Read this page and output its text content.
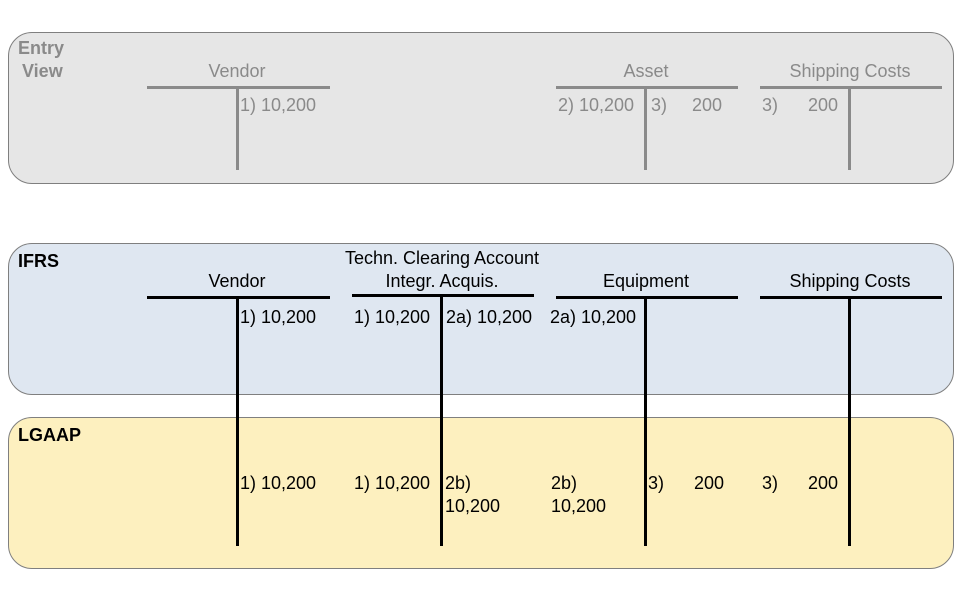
Entry
View	Vendor
1) 10,200
Asset
2) 10,200 3)     200
Shipping Costs
3)      200
IFRS
LGAAP
Vendor
1) 10,200
1) 10,200
Techn. Clearing Account
Integr. Acquis.
1) 10,200 2a) 10,200
1) 10,200 2b)
10,200
Equipment
2a) 10,200
2b)
10,200
3)      200
Shipping Costs
3)      200
